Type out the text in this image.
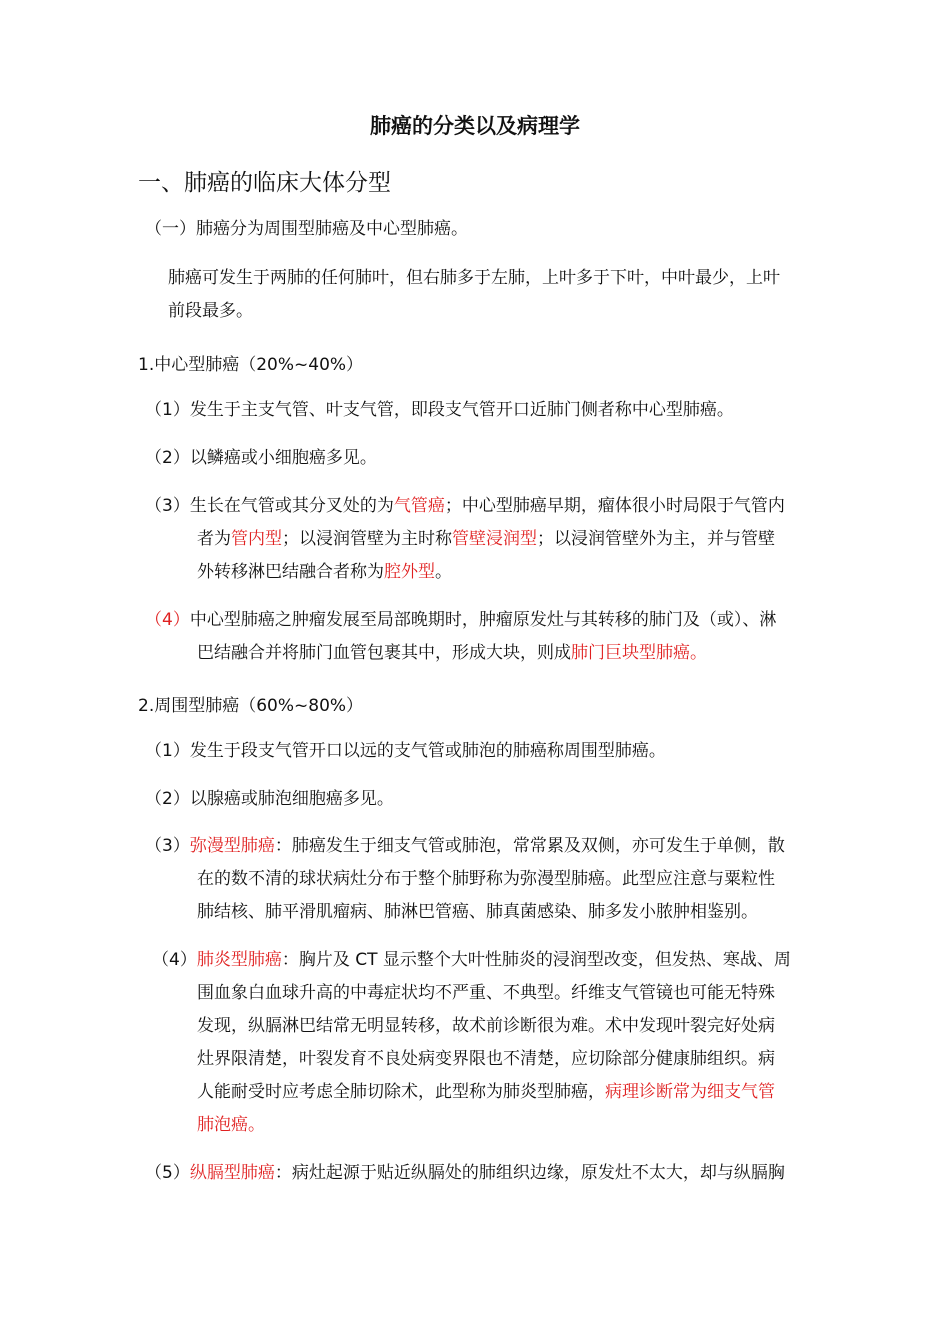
肺癌的分类以及病理学
一、肺癌的临床大体分型
（一）肺癌分为周围型肺癌及中心型肺癌。
肺癌可发生于两肺的任何肺叶，但右肺多于左肺，上叶多于下叶，中叶最少，上叶
前段最多。
1.中心型肺癌（20%~40%）
（1）发生于主支气管、叶支气管，即段支气管开口近肺门侧者称中心型肺癌。
（2）以鳞癌或小细胞癌多见。
（3）生长在气管或其分叉处的为气管癌；中心型肺癌早期，瘤体很小时局限于气管内
者为管内型；以浸润管壁为主时称管壁浸润型；以浸润管壁外为主，并与管壁
外转移淋巴结融合者称为腔外型。
（4）中心型肺癌之肿瘤发展至局部晚期时，肿瘤原发灶与其转移的肺门及（或）、淋
巴结融合并将肺门血管包裹其中，形成大块，则成肺门巨块型肺癌。
2.周围型肺癌（60%~80%）
（1）发生于段支气管开口以远的支气管或肺泡的肺癌称周围型肺癌。
（2）以腺癌或肺泡细胞癌多见。
（3）弥漫型肺癌：肺癌发生于细支气管或肺泡，常常累及双侧，亦可发生于单侧，散
在的数不清的球状病灶分布于整个肺野称为弥漫型肺癌。此型应注意与粟粒性
肺结核、肺平滑肌瘤病、肺淋巴管癌、肺真菌感染、肺多发小脓肿相鉴别。
（4）肺炎型肺癌：胸片及 CT 显示整个大叶性肺炎的浸润型改变，但发热、寒战、周
围血象白血球升高的中毒症状均不严重、不典型。纤维支气管镜也可能无特殊
发现，纵膈淋巴结常无明显转移，故术前诊断很为难。术中发现叶裂完好处病
灶界限清楚，叶裂发育不良处病变界限也不清楚，应切除部分健康肺组织。病
人能耐受时应考虑全肺切除术，此型称为肺炎型肺癌，病理诊断常为细支气管
肺泡癌。
（5）纵膈型肺癌：病灶起源于贴近纵膈处的肺组织边缘，原发灶不太大，却与纵膈胸
